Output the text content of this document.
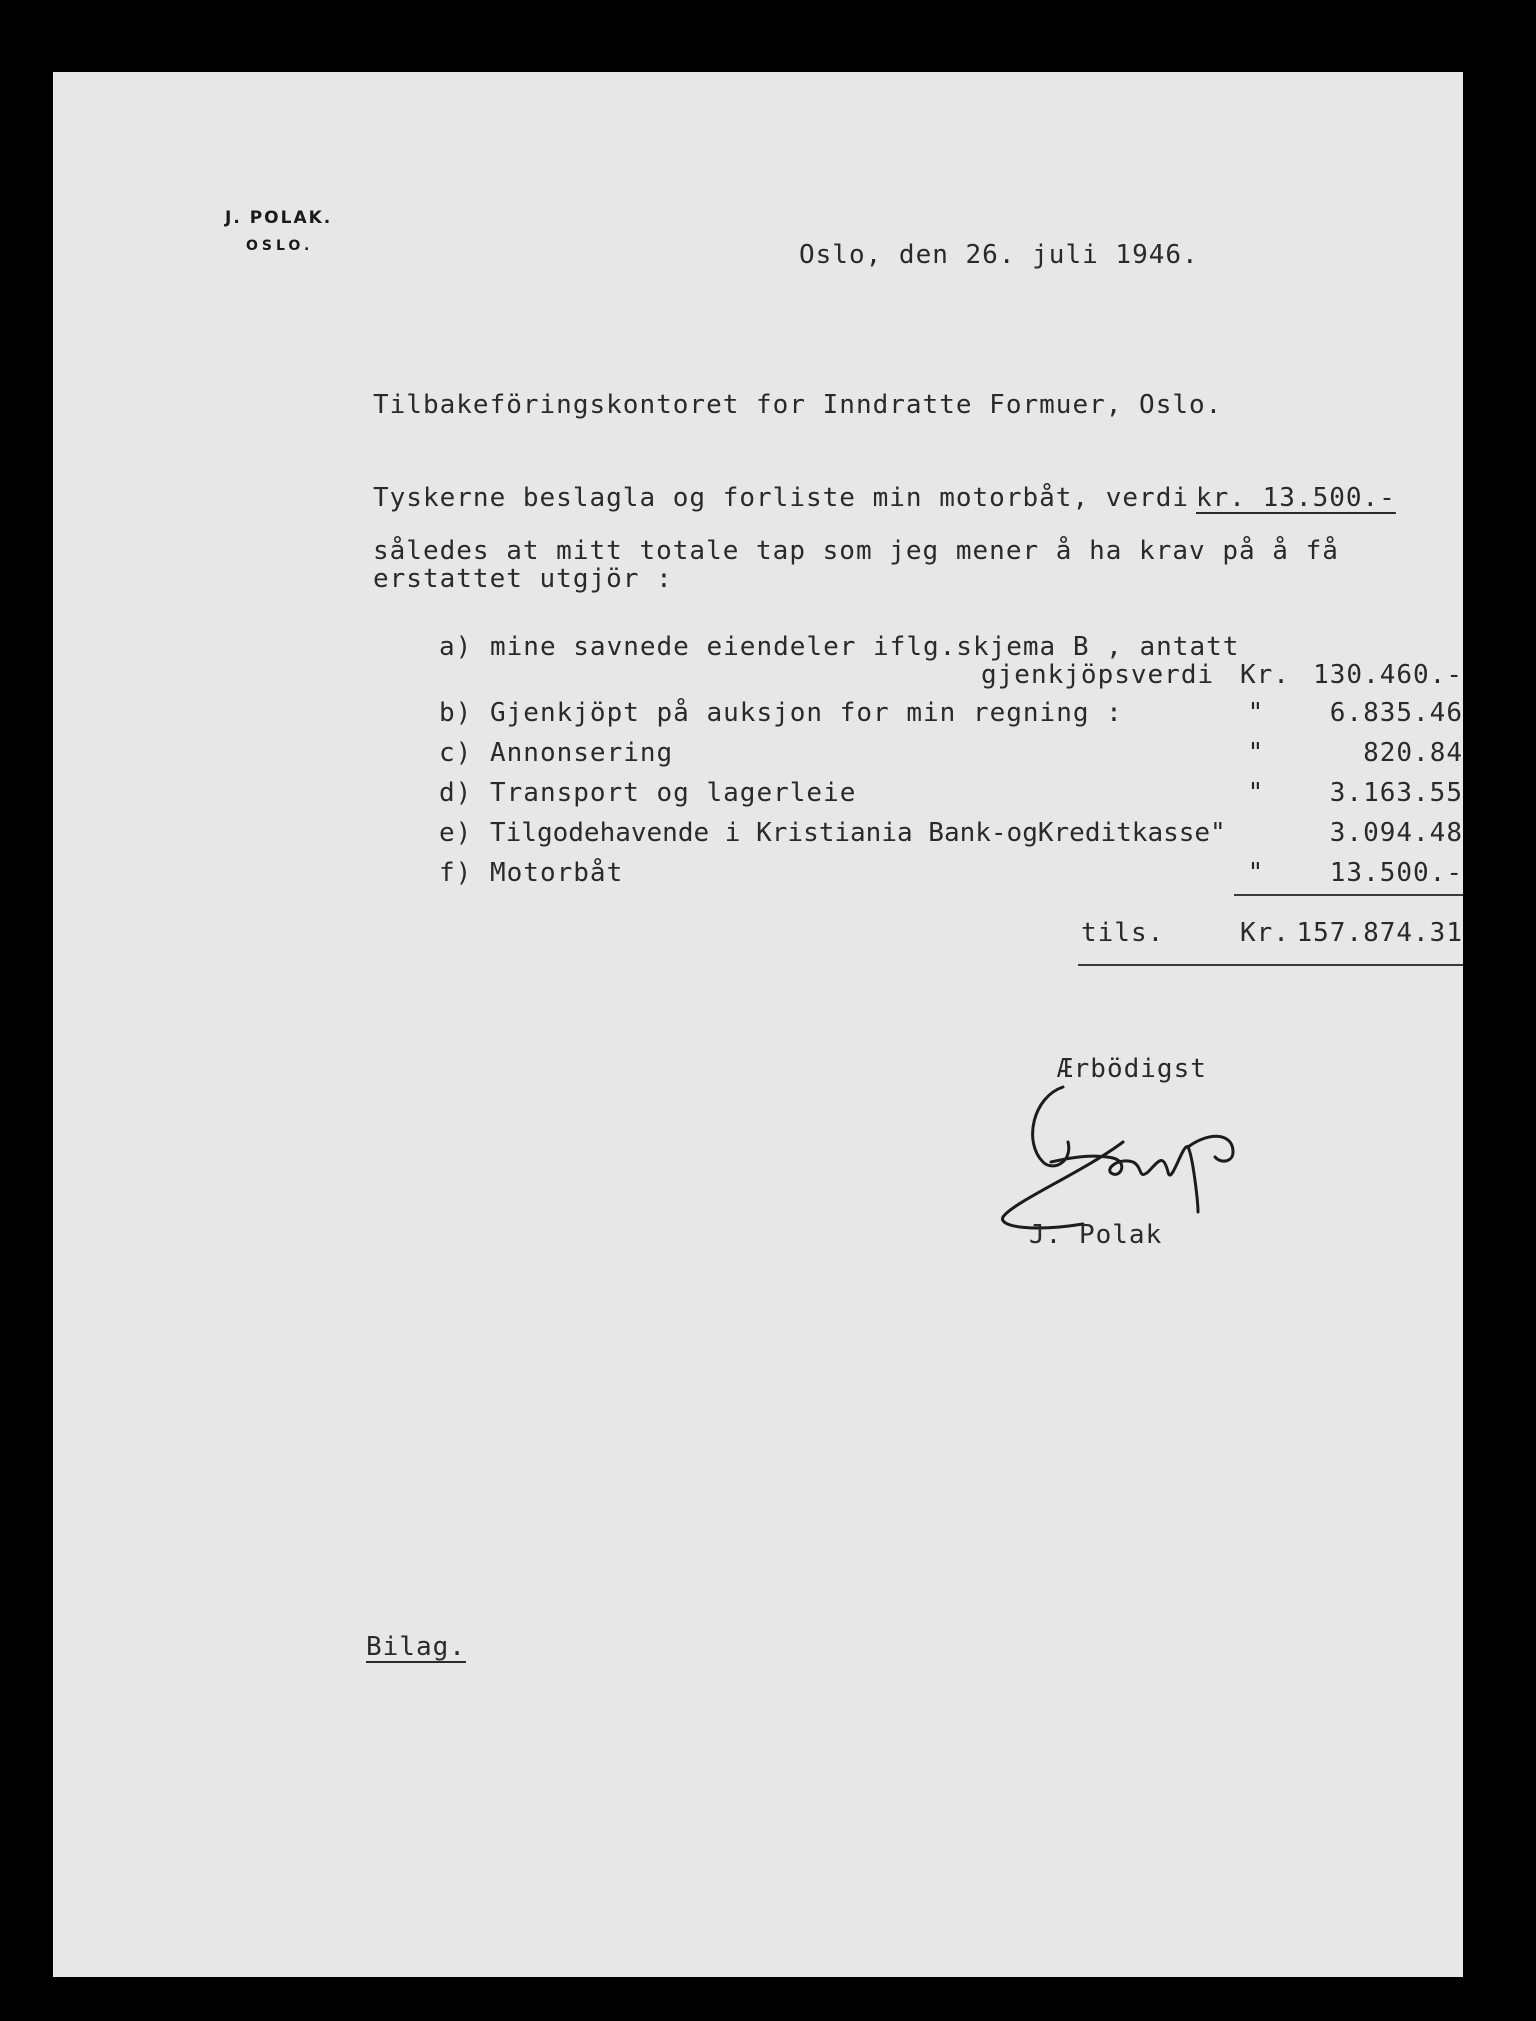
J. POLAK.
OSLO.	Oslo, den 26. juli 1946.
Tilbakeföringskontoret for Inndratte Formuer, Oslo.
Tyskerne beslagla og forliste min motorbåt, verdi kr. 13.500.-
således at mitt totale tap som jeg mener å ha krav på å få
erstattet utgjör :
a) mine savnede eiendeler iflg.skjema B , antatt
gjenkjöpsverdi Kr. 130.460.-
b) Gjenkjöpt på auksjon for min regning :	"	6.835.46
c) Annonsering	"	820.84
d) Transport og lagerleie	"	3.163.55
e) Tilgodehavende i Kristiania Bank-ogKreditkasse"	3.094.48
f) Motorbåt	"	13.500.-
tils.	Kr. 157.874.31
Ærbödigst
J. Polak
Bilag.
